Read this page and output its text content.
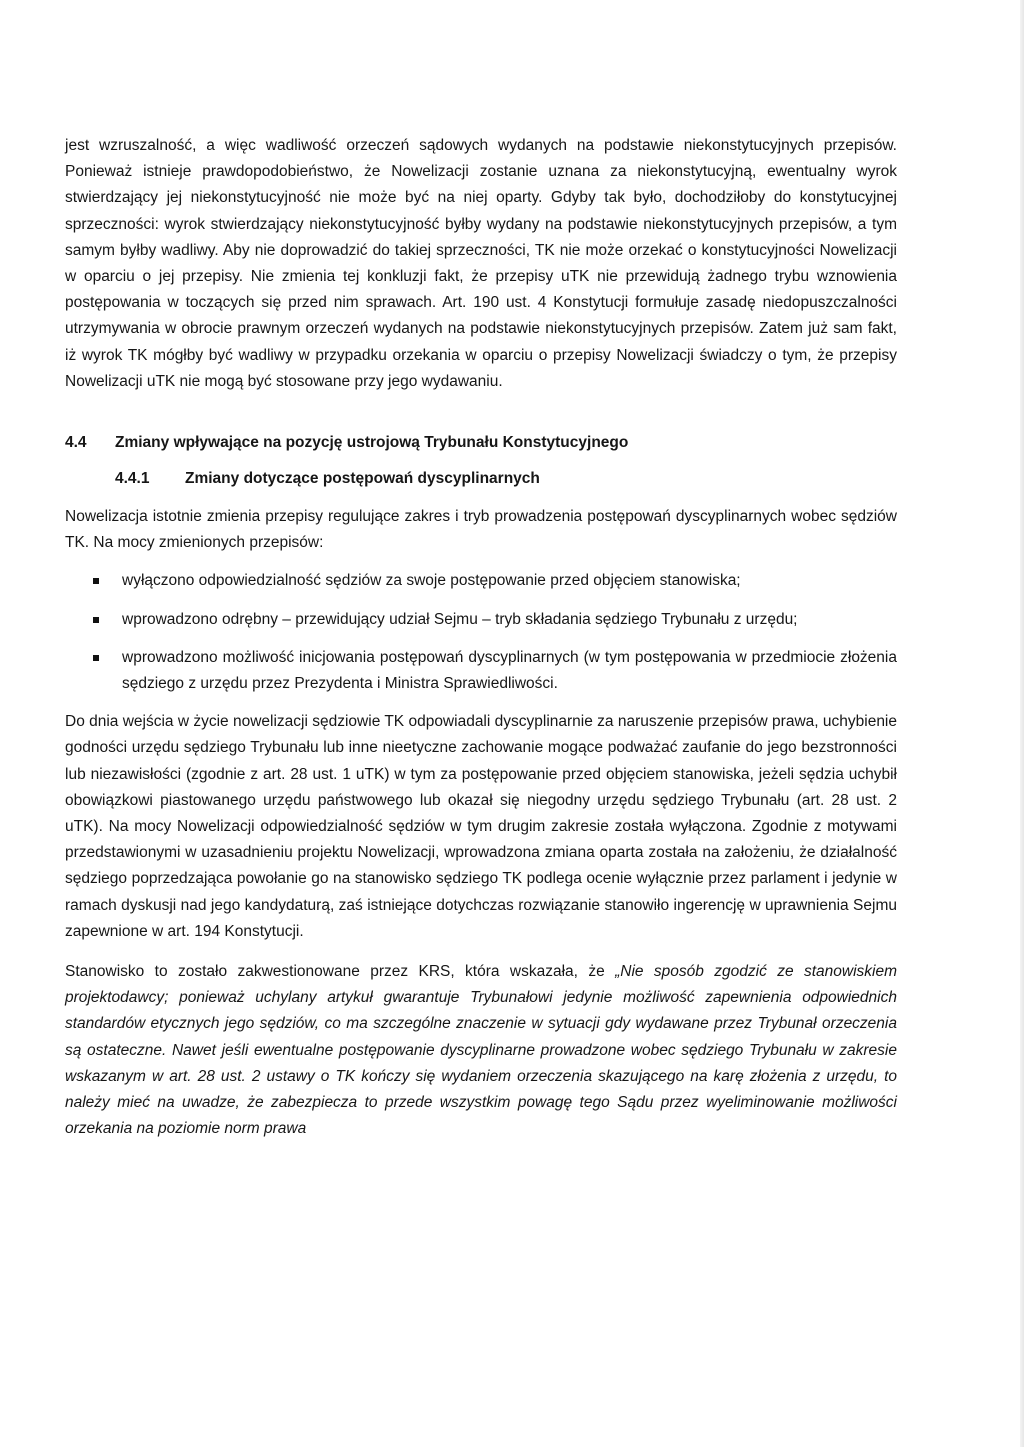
jest wzruszalność, a więc wadliwość orzeczeń sądowych wydanych na podstawie niekonstytucyjnych przepisów. Ponieważ istnieje prawdopodobieństwo, że Nowelizacji zostanie uznana za niekonstytucyjną, ewentualny wyrok stwierdzający jej niekonstytucyjność nie może być na niej oparty. Gdyby tak było, dochodziłoby do konstytucyjnej sprzeczności: wyrok stwierdzający niekonstytucyjność byłby wydany na podstawie niekonstytucyjnych przepisów, a tym samym byłby wadliwy. Aby nie doprowadzić do takiej sprzeczności, TK nie może orzekać o konstytucyjności Nowelizacji w oparciu o jej przepisy. Nie zmienia tej konkluzji fakt, że przepisy uTK nie przewidują żadnego trybu wznowienia postępowania w toczących się przed nim sprawach. Art. 190 ust. 4 Konstytucji formułuje zasadę niedopuszczalności utrzymywania w obrocie prawnym orzeczeń wydanych na podstawie niekonstytucyjnych przepisów. Zatem już sam fakt, iż wyrok TK mógłby być wadliwy w przypadku orzekania w oparciu o przepisy Nowelizacji świadczy o tym, że przepisy Nowelizacji uTK nie mogą być stosowane przy jego wydawaniu.

4.4	Zmiany wpływające na pozycję ustrojową Trybunału Konstytucyjnego
4.4.1	Zmiany dotyczące postępowań dyscyplinarnych

Nowelizacja istotnie zmienia przepisy regulujące zakres i tryb prowadzenia postępowań dyscyplinarnych wobec sędziów TK. Na mocy zmienionych przepisów:

wyłączono odpowiedzialność sędziów za swoje postępowanie przed objęciem stanowiska;
wprowadzono odrębny – przewidujący udział Sejmu – tryb składania sędziego Trybunału z urzędu;
wprowadzono możliwość inicjowania postępowań dyscyplinarnych (w tym postępowania w przedmiocie złożenia sędziego z urzędu przez Prezydenta i Ministra Sprawiedliwości.

Do dnia wejścia w życie nowelizacji sędziowie TK odpowiadali dyscyplinarnie za naruszenie przepisów prawa, uchybienie godności urzędu sędziego Trybunału lub inne nieetyczne zachowanie mogące podważać zaufanie do jego bezstronności lub niezawisłości (zgodnie z art. 28 ust. 1 uTK) w tym za postępowanie przed objęciem stanowiska, jeżeli sędzia uchybił obowiązkowi piastowanego urzędu państwowego lub okazał się niegodny urzędu sędziego Trybunału (art. 28 ust. 2 uTK). Na mocy Nowelizacji odpowiedzialność sędziów w tym drugim zakresie została wyłączona. Zgodnie z motywami przedstawionymi w uzasadnieniu projektu Nowelizacji, wprowadzona zmiana oparta została na założeniu, że działalność sędziego poprzedzająca powołanie go na stanowisko sędziego TK podlega ocenie wyłącznie przez parlament i jedynie w ramach dyskusji nad jego kandydaturą, zaś istniejące dotychczas rozwiązanie stanowiło ingerencję w uprawnienia Sejmu zapewnione w art. 194 Konstytucji.

Stanowisko to zostało zakwestionowane przez KRS, która wskazała, że „Nie sposób zgodzić ze stanowiskiem projektodawcy; ponieważ uchylany artykuł gwarantuje Trybunałowi jedynie możliwość zapewnienia odpowiednich standardów etycznych jego sędziów, co ma szczególne znaczenie w sytuacji gdy wydawane przez Trybunał orzeczenia są ostateczne. Nawet jeśli ewentualne postępowanie dyscyplinarne prowadzone wobec sędziego Trybunału w zakresie wskazanym w art. 28 ust. 2 ustawy o TK kończy się wydaniem orzeczenia skazującego na karę złożenia z urzędu, to należy mieć na uwadze, że zabezpiecza to przede wszystkim powagę tego Sądu przez wyeliminowanie możliwości orzekania na poziomie norm prawa
